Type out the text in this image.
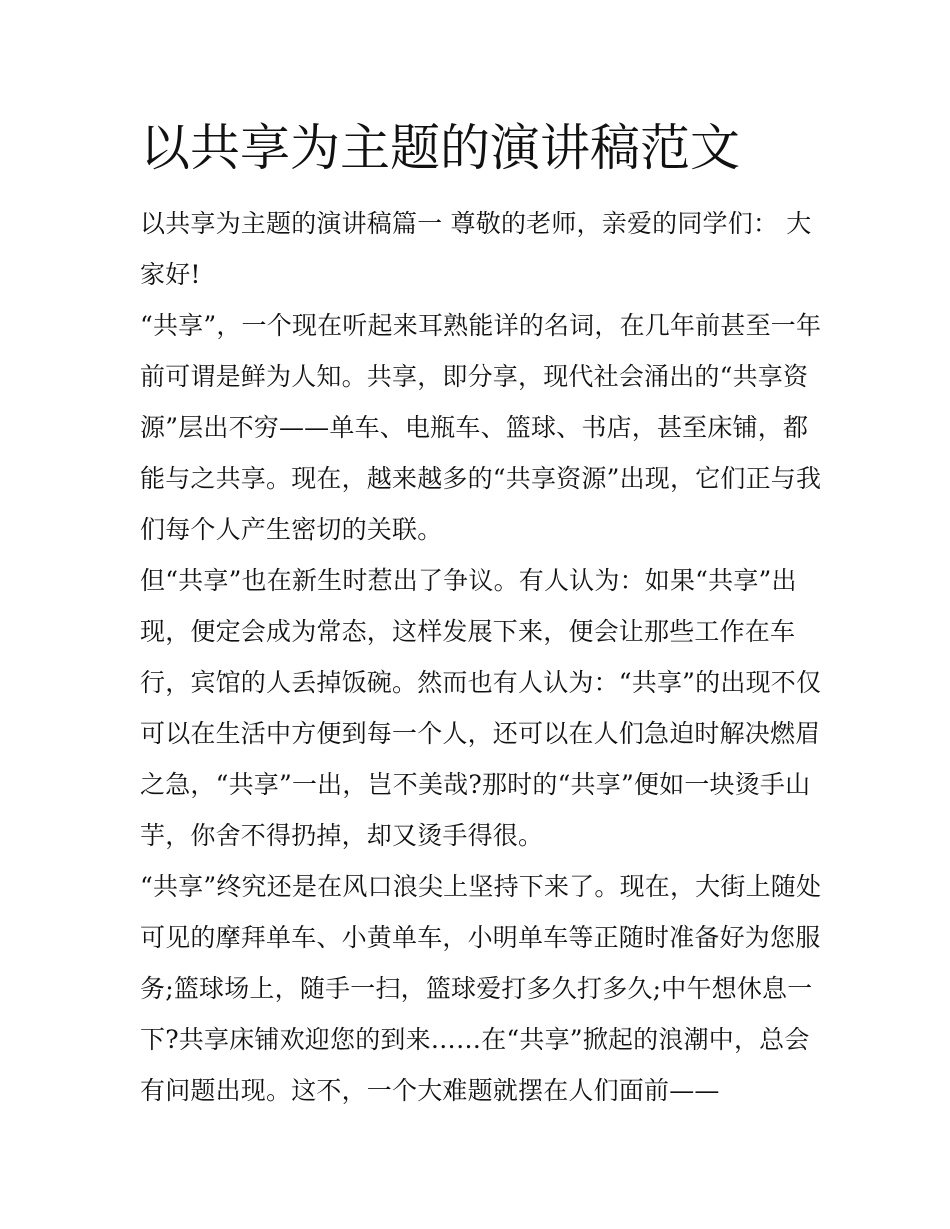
以共享为主题的演讲稿范文
以共享为主题的演讲稿篇一 尊敬的老师，亲爱的同学们： 大
家好!
“共享”，一个现在听起来耳熟能详的名词，在几年前甚至一年
前可谓是鲜为人知。共享，即分享，现代社会涌出的“共享资
源”层出不穷——单车、电瓶车、篮球、书店，甚至床铺，都
能与之共享。现在，越来越多的“共享资源”出现，它们正与我
们每个人产生密切的关联。
但“共享”也在新生时惹出了争议。有人认为：如果“共享”出
现，便定会成为常态，这样发展下来，便会让那些工作在车
行，宾馆的人丢掉饭碗。然而也有人认为：“共享”的出现不仅
可以在生活中方便到每一个人，还可以在人们急迫时解决燃眉
之急，“共享”一出，岂不美哉?那时的“共享”便如一块烫手山
芋，你舍不得扔掉，却又烫手得很。
“共享”终究还是在风口浪尖上坚持下来了。现在，大街上随处
可见的摩拜单车、小黄单车，小明单车等正随时准备好为您服
务;篮球场上，随手一扫，篮球爱打多久打多久;中午想休息一
下?共享床铺欢迎您的到来……在“共享”掀起的浪潮中，总会
有问题出现。这不，一个大难题就摆在人们面前——
